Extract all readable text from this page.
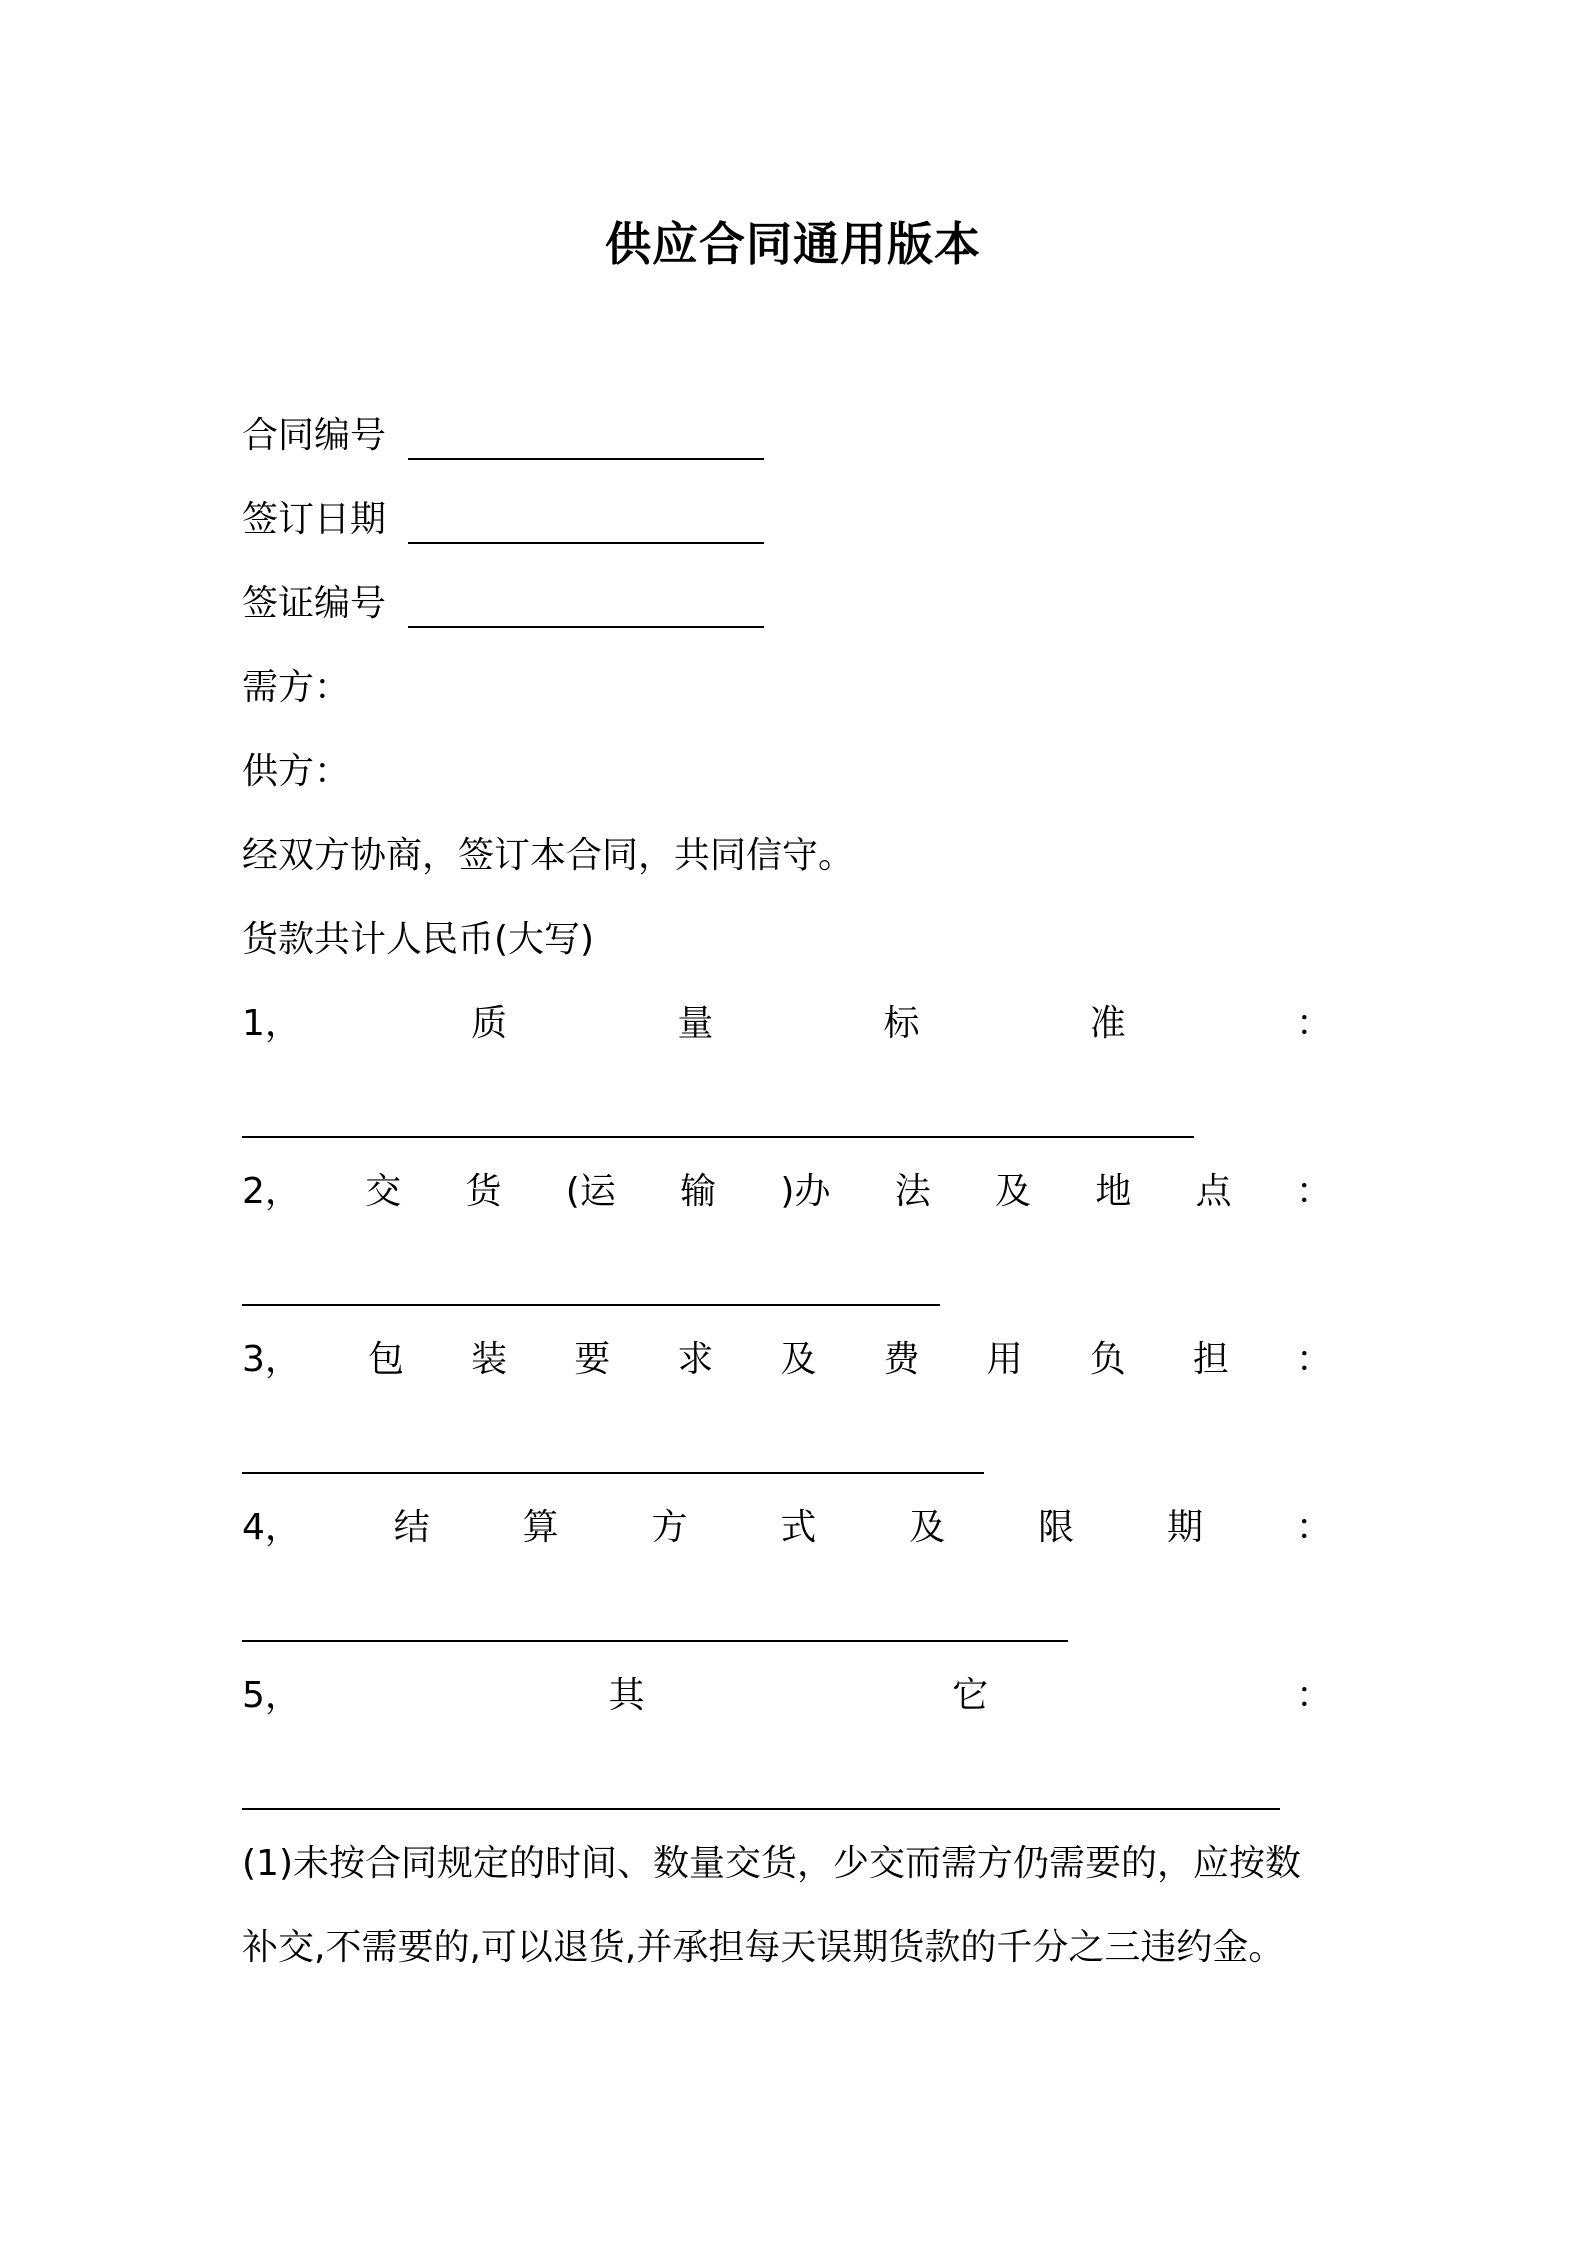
供应合同通用版本
合同编号
签订日期
签证编号
需方：
供方：
经双方协商，签订本合同，共同信守。
货款共计人民币(大写)
1，	质	量	标	准	：
2， 交 货 (运 输 )办 法 及 地 点 ：
3， 包 装 要 求 及 费 用 负 担 ：
4，	结	算	方	式	及	限	期	：
5，	其	它	：
(1)未按合同规定的时间、数量交货，少交而需方仍需要的，应按数
补交,不需要的,可以退货,并承担每天误期货款的千分之三违约金。
